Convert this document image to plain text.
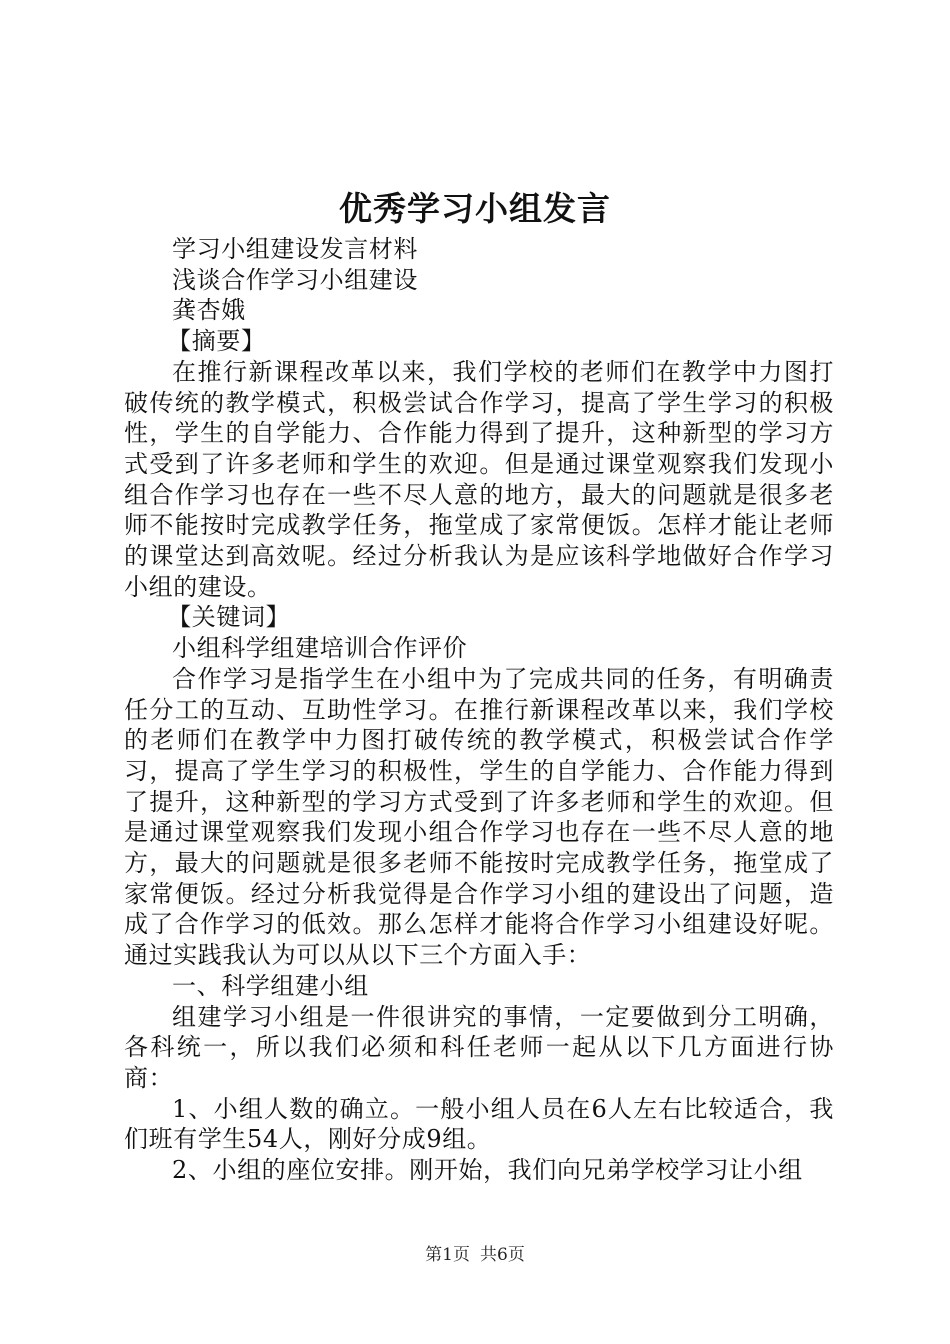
优秀学习小组发言

学习小组建设发言材料

浅谈合作学习小组建设

龚杏娥

【摘要】

在推行新课程改革以来，我们学校的老师们在教学中力图打破传统的教学模式，积极尝试合作学习，提高了学生学习的积极性，学生的自学能力、合作能力得到了提升，这种新型的学习方式受到了许多老师和学生的欢迎。但是通过课堂观察我们发现小组合作学习也存在一些不尽人意的地方，最大的问题就是很多老师不能按时完成教学任务，拖堂成了家常便饭。怎样才能让老师的课堂达到高效呢。经过分析我认为是应该科学地做好合作学习小组的建设。

【关键词】

小组科学组建培训合作评价

合作学习是指学生在小组中为了完成共同的任务，有明确责任分工的互动、互助性学习。在推行新课程改革以来，我们学校的老师们在教学中力图打破传统的教学模式，积极尝试合作学习，提高了学生学习的积极性，学生的自学能力、合作能力得到了提升，这种新型的学习方式受到了许多老师和学生的欢迎。但是通过课堂观察我们发现小组合作学习也存在一些不尽人意的地方，最大的问题就是很多老师不能按时完成教学任务，拖堂成了家常便饭。经过分析我觉得是合作学习小组的建设出了问题，造成了合作学习的低效。那么怎样才能将合作学习小组建设好呢。通过实践我认为可以从以下三个方面入手：

一、科学组建小组

组建学习小组是一件很讲究的事情，一定要做到分工明确，各科统一，所以我们必须和科任老师一起从以下几方面进行协商：

1、小组人数的确立。一般小组人员在6人左右比较适合，我们班有学生54人，刚好分成9组。

2、小组的座位安排。刚开始，我们向兄弟学校学习让小组

第1页 共6页
